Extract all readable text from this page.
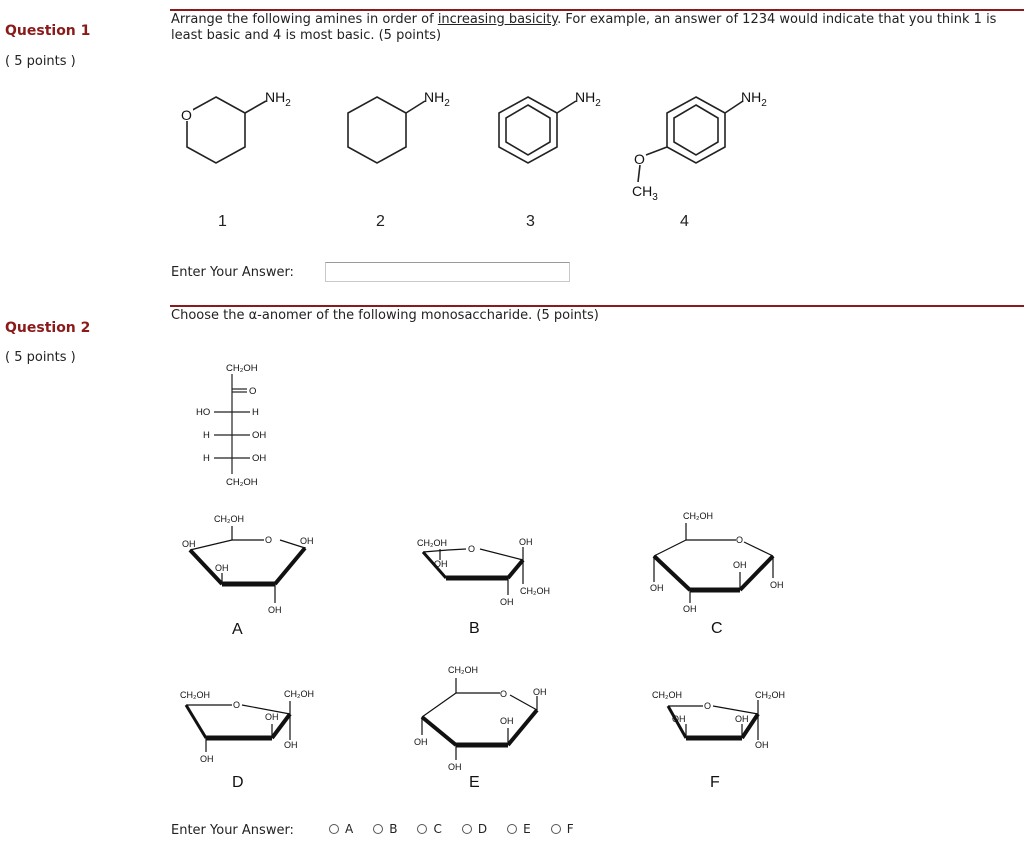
Question 1
( 5 points )
Arrange the following amines in order of increasing basicity. For example, an answer of 1234 would indicate that you think 1 is least basic and 4 is most basic. (5 points)
O
$NH_2$	$NH_2$	$NH_2$	$NH_2$
O
$CH_3$
1	2	3	4
Enter Your Answer:
Question 2
( 5 points )
Choose the α-anomer of the following monosaccharide. (5 points)
CH₂OH
O
HO	H
H	OH
H	OH
CH₂OH
CH₂OH
O
OH	OH
OH
OH
CH₂OH
O
OH
OH
CH₂OH
OH
CH₂OH
O
OH
OH
OH
OH
CH₂OH
O
CH₂OH
OH
OH
OH
CH₂OH
O	OH
OH
OH
OH
CH₂OH
O
CH₂OH
OH	OH
OH
A	B	C
D	E	F
Enter Your Answer:	A	B	C	D	E	F
